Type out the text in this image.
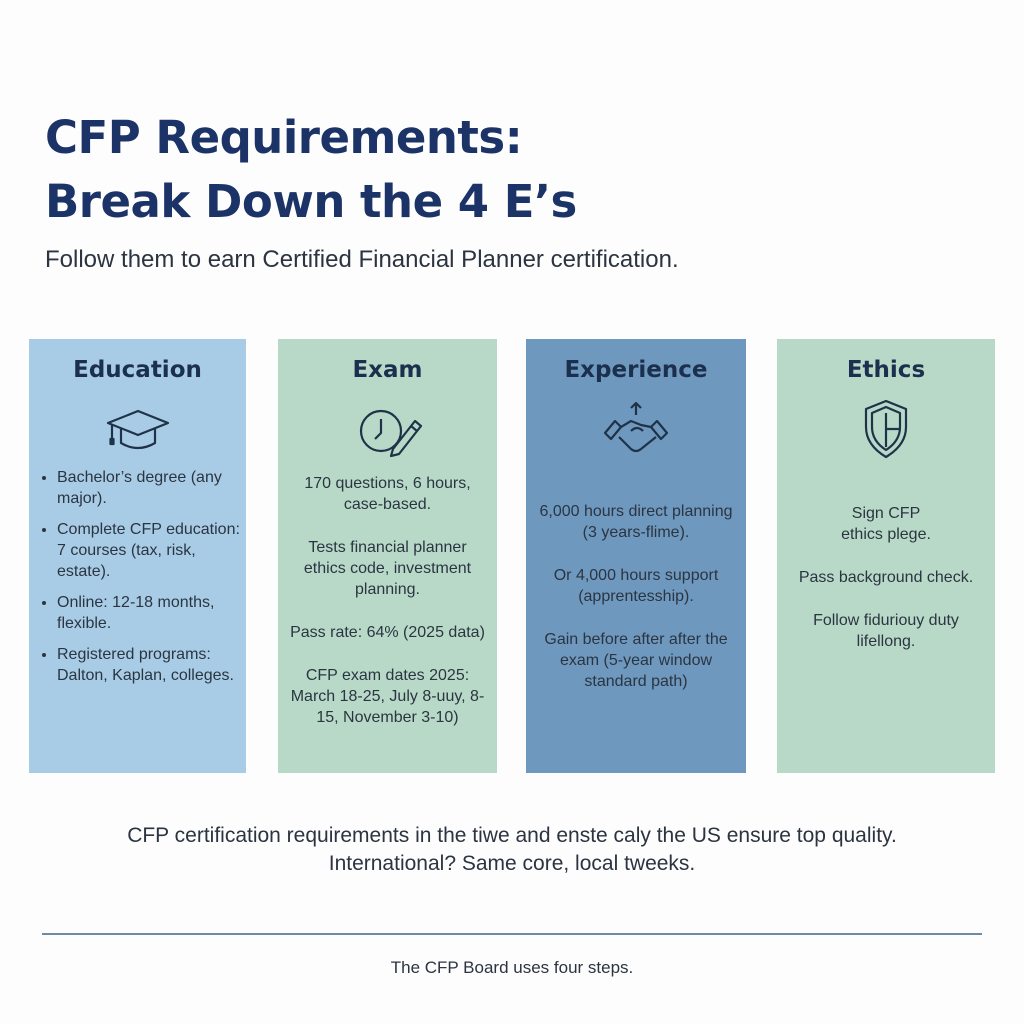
CFP Requirements:
Break Down the 4 E’s
Follow them to earn Certified Financial Planner certification.
Education
• Bachelor’s degree (any major).
• Complete CFP education: 7 courses (tax, risk, estate).
• Online: 12-18 months, flexible.
• Registered programs: Dalton, Kaplan, colleges.
Exam

170 questions, 6 hours, case-based.

Tests financial planner ethics code, investment planning.

Pass rate: 64% (2025 data)

CFP exam dates 2025: March 18-25, July 8-uuy, 8-15, November 3-10)

Experience

6,000 hours direct planning (3 years-flime).

Or 4,000 hours support (apprentesship).

Gain before after after the exam (5-year window standard path)

Ethics

Sign CFP ethics plege.

Pass background check.

Follow fiduriouy duty lifellong.

CFP certification requirements in the tiwe and enste caly the US ensure top quality.
International? Same core, local tweeks.
The CFP Board uses four steps.
